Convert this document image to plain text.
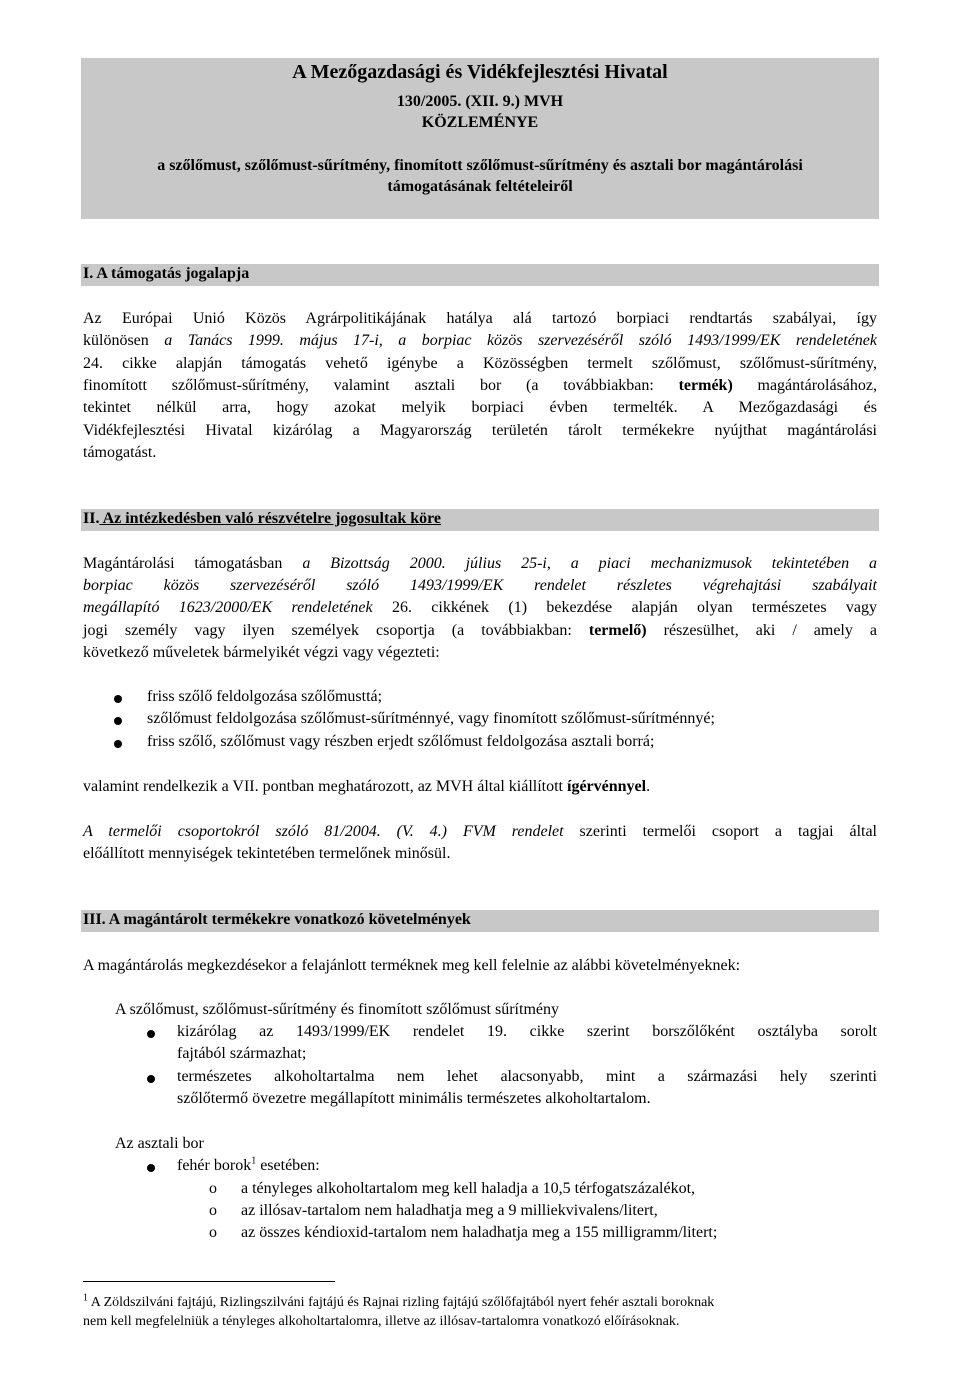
A Mezőgazdasági és Vidékfejlesztési Hivatal
130/2005. (XII. 9.) MVH
KÖZLEMÉNYE
a szőlőmust, szőlőmust-sűrítmény, finomított szőlőmust-sűrítmény és asztali bor magántárolási
támogatásának feltételeiről
I. A támogatás jogalapja
Az Európai Unió Közös Agrárpolitikájának hatálya alá tartozó borpiaci rendtartás szabályai, így
különösen a Tanács 1999. május 17-i, a borpiac közös szervezéséről szóló 1493/1999/EK rendeletének
24. cikke alapján támogatás vehető igénybe a Közösségben termelt szőlőmust, szőlőmust-sűrítmény,
finomított szőlőmust-sűrítmény, valamint asztali bor (a továbbiakban: termék) magántárolásához,
tekintet nélkül arra, hogy azokat melyik borpiaci évben termelték. A Mezőgazdasági és
Vidékfejlesztési Hivatal kizárólag a Magyarország területén tárolt termékekre nyújthat magántárolási
támogatást.
II. Az intézkedésben való részvételre jogosultak köre
Magántárolási támogatásban a Bizottság 2000. július 25-i, a piaci mechanizmusok tekintetében a
borpiac közös szervezéséről szóló 1493/1999/EK rendelet részletes végrehajtási szabályait
megállapító 1623/2000/EK rendeletének 26. cikkének (1) bekezdése alapján olyan természetes vagy
jogi személy vagy ilyen személyek csoportja (a továbbiakban: termelő) részesülhet, aki / amely a
következő műveletek bármelyikét végzi vagy végezteti:
friss szőlő feldolgozása szőlőmusttá;
szőlőmust feldolgozása szőlőmust-sűrítménnyé, vagy finomított szőlőmust-sűrítménnyé;
friss szőlő, szőlőmust vagy részben erjedt szőlőmust feldolgozása asztali borrá;
valamint rendelkezik a VII. pontban meghatározott, az MVH által kiállított ígérvénnyel.
A termelői csoportokról szóló 81/2004. (V. 4.) FVM rendelet szerinti termelői csoport a tagjai által
előállított mennyiségek tekintetében termelőnek minősül.
III. A magántárolt termékekre vonatkozó követelmények
A magántárolás megkezdésekor a felajánlott terméknek meg kell felelnie az alábbi követelményeknek:
A szőlőmust, szőlőmust-sűrítmény és finomított szőlőmust sűrítmény
kizárólag az 1493/1999/EK rendelet 19. cikke szerint borszőlőként osztályba sorolt
fajtából származhat;
természetes alkoholtartalma nem lehet alacsonyabb, mint a származási hely szerinti
szőlőtermő övezetre megállapított minimális természetes alkoholtartalom.
Az asztali bor
fehér borok$^1$ esetében:
o a tényleges alkoholtartalom meg kell haladja a 10,5 térfogatszázalékot,
o az illósav-tartalom nem haladhatja meg a 9 milliekvivalens/litert,
o az összes kéndioxid-tartalom nem haladhatja meg a 155 milligramm/litert;
$^1$ A Zöldszilváni fajtájú, Rizlingszilváni fajtájú és Rajnai rizling fajtájú szőlőfajtából nyert fehér asztali boroknak
nem kell megfelelniük a tényleges alkoholtartalomra, illetve az illósav-tartalomra vonatkozó előírásoknak.
